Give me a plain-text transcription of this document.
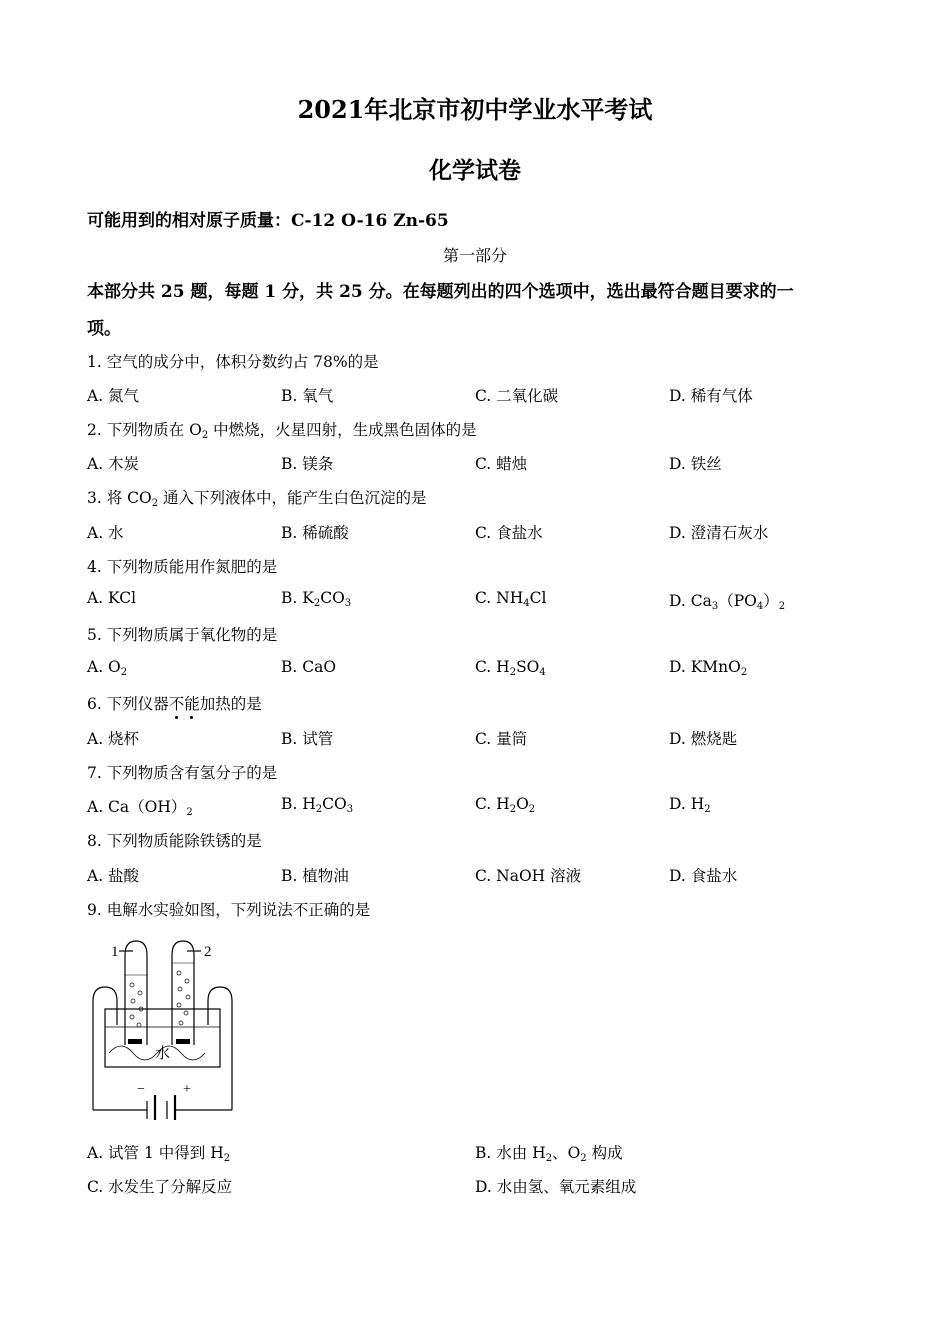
2021年北京市初中学业水平考试
化学试卷
可能用到的相对原子质量：C-12 O-16 Zn-65
第一部分
本部分共 25 题，每题 1 分，共 25 分。在每题列出的四个选项中，选出最符合题目要求的一
项。
1. 空气的成分中，体积分数约占 78%的是
A. 氮气	B. 氧气	C. 二氧化碳	D. 稀有气体
2. 下列物质在 $O_2$ 中燃烧，火星四射，生成黑色固体的是
A. 木炭	B. 镁条	C. 蜡烛	D. 铁丝
3. 将 $CO_2$ 通入下列液体中，能产生白色沉淀的是
A. 水	B. 稀硫酸	C. 食盐水	D. 澄清石灰水
4. 下列物质能用作氮肥的是
A. KCl	B. $K_2CO_3$	C. $NH_4Cl$	D. $Ca_3(PO_4)_2$
5. 下列物质属于氧化物的是
A. $O_2$	B. CaO	C. $H_2SO_4$	D. KMnO$_2$
6. 下列仪器不能加热的是
A. 烧杯	B. 试管	C. 量筒	D. 燃烧匙
7. 下列物质含有氢分子的是
A. $Ca(OH)_2$	B. $H_2CO_3$	C. $H_2O_2$	D. $H_2$
8. 下列物质能除铁锈的是
A. 盐酸	B. 植物油	C. NaOH 溶液	D. 食盐水
9. 电解水实验如图，下列说法不正确的是
1	2
水
−	+
A. 试管 1 中得到 $H_2$	B. 水由 $H_2$、$O_2$ 构成
C. 水发生了分解反应	D. 水由氢、氧元素组成
